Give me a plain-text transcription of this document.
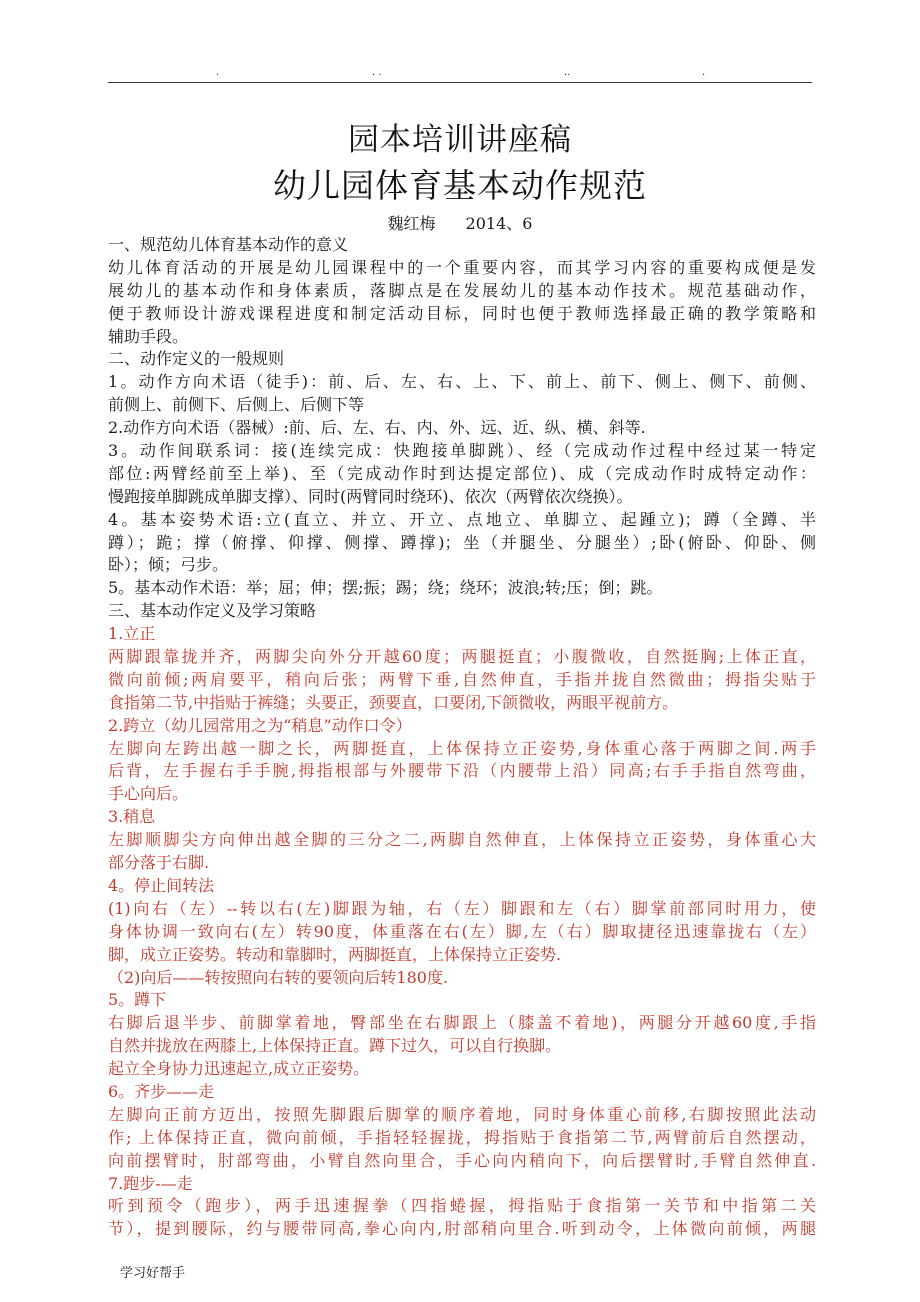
.	. .	..	.
园本培训讲座稿
幼儿园体育基本动作规范
魏红梅 2014、6
一、规范幼儿体育基本动作的意义
幼儿体育活动的开展是幼儿园课程中的一个重要内容，而其学习内容的重要构成便是发
展幼儿的基本动作和身体素质，落脚点是在发展幼儿的基本动作技术。规范基础动作，
便于教师设计游戏课程进度和制定活动目标，同时也便于教师选择最正确的教学策略和
辅助手段。
二、动作定义的一般规则
1。动作方向术语（徒手)：前、后、左、右、上、下、前上、前下、侧上、侧下、前侧、
前侧上、前侧下、后侧上、后侧下等
2.动作方向术语（器械）:前、后、左、右、内、外、远、近、纵、横、斜等.
3。动作间联系词：接(连续完成：快跑接单脚跳）、经（完成动作过程中经过某一特定
部位:两臂经前至上举)、至（完成动作时到达提定部位)、成（完成动作时成特定动作：
慢跑接单脚跳成单脚支撑）、同时(两臂同时绕环)、依次（两臂依次绕换）。
4。基本姿势术语:立(直立、并立、开立、点地立、单脚立、起踵立)；蹲（全蹲、半
蹲）；跪；撑（俯撑、仰撑、侧撑、蹲撑)；坐（并腿坐、分腿坐）;卧(俯卧、仰卧、侧
卧）；倾；弓步。
5。基本动作术语：举；屈；伸；摆;振；踢；绕；绕环；波浪;转;压；倒；跳。
三、基本动作定义及学习策略
1.立正
两脚跟靠拢并齐，两脚尖向外分开越60度；两腿挺直；小腹微收，自然挺胸;上体正直，
微向前倾;两肩要平，稍向后张；两臂下垂,自然伸直，手指并拢自然微曲；拇指尖贴于
食指第二节,中指贴于裤缝；头要正，颈要直，口要闭,下颌微收，两眼平视前方。
2.跨立（幼儿园常用之为“稍息”动作口令）
左脚向左跨出越一脚之长，两脚挺直，上体保持立正姿势,身体重心落于两脚之间.两手
后背，左手握右手手腕,拇指根部与外腰带下沿（内腰带上沿）同高;右手手指自然弯曲，
手心向后。
3.稍息
左脚顺脚尖方向伸出越全脚的三分之二,两脚自然伸直，上体保持立正姿势，身体重心大
部分落于右脚.
4。停止间转法
(1)向右（左）--转以右(左)脚跟为轴，右（左）脚跟和左（右）脚掌前部同时用力，使
身体协调一致向右(左）转90度，体重落在右(左）脚,左（右）脚取捷径迅速靠拢右（左）
脚，成立正姿势。转动和靠脚时，两脚挺直，上体保持立正姿势.
（2)向后——转按照向右转的要领向后转180度.
5。蹲下
右脚后退半步、前脚掌着地，臀部坐在右脚跟上（膝盖不着地)，两腿分开越60度,手指
自然并拢放在两膝上,上体保持正直。蹲下过久，可以自行换脚。
起立全身协力迅速起立,成立正姿势。
6。齐步——走
左脚向正前方迈出，按照先脚跟后脚掌的顺序着地，同时身体重心前移,右脚按照此法动
作; 上体保持正直，微向前倾，手指轻轻握拢，拇指贴于食指第二节,两臂前后自然摆动，
向前摆臂时，肘部弯曲，小臂自然向里合，手心向内稍向下，向后摆臂时,手臂自然伸直.
7.跑步-—走
听到预令（跑步），两手迅速握拳（四指蜷握，拇指贴于食指第一关节和中指第二关
节），提到腰际，约与腰带同高,拳心向内,肘部稍向里合.听到动令，上体微向前倾，两腿
学习好帮手
